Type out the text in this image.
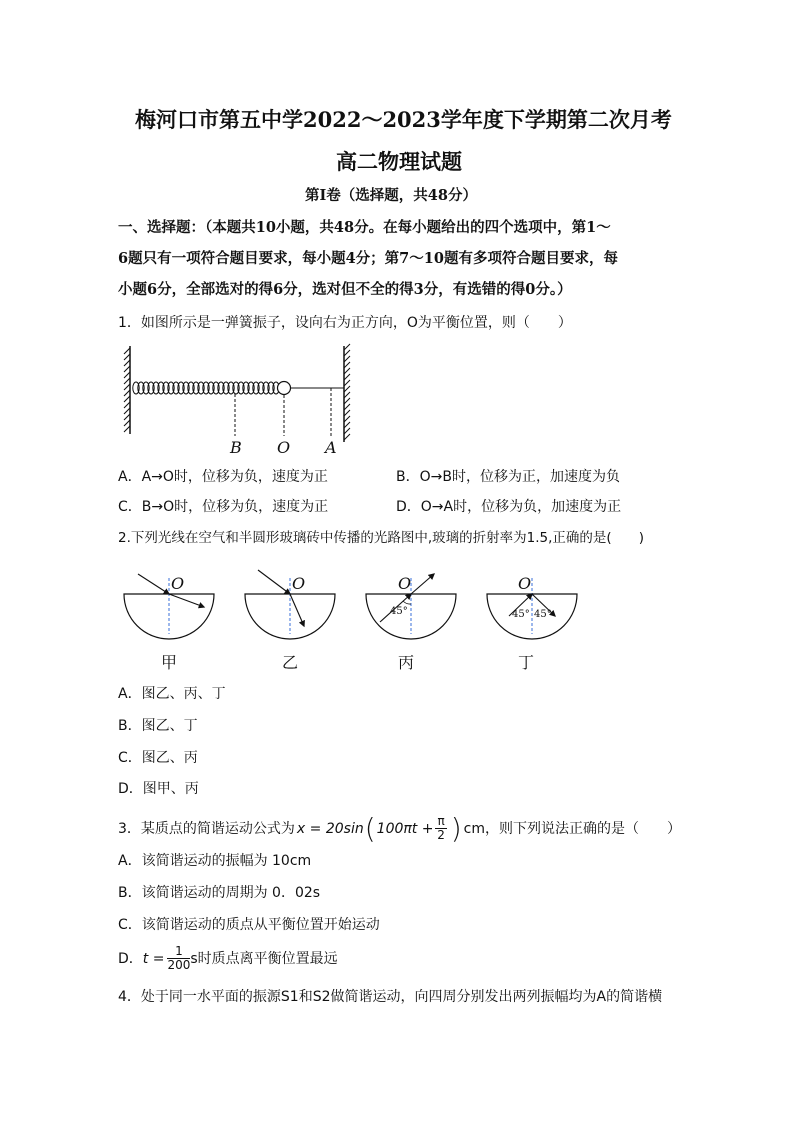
梅河口市第五中学2022～2023学年度下学期第二次月考
高二物理试题
第Ⅰ卷（选择题，共48分）
一、选择题：（本题共10小题，共48分。在每小题给出的四个选项中，第1～
6题只有一项符合题目要求，每小题4分；第7～10题有多项符合题目要求，每
小题6分，全部选对的得6分，选对但不全的得3分，有选错的得0分。）
1．如图所示是一弹簧振子，设向右为正方向，O为平衡位置，则（　　）
B O A
A．A→O时，位移为负，速度为正	B．O→B时，位移为正，加速度为负
C．B→O时，位移为负，速度为正	D．O→A时，位移为负，加速度为正
2.下列光线在空气和半圆形玻璃砖中传播的光路图中,玻璃的折射率为1.5,正确的是(　　)
O	O	O	O
45°	45° 45°
甲	乙	丙	丁
A．图乙、丙、丁
B．图乙、丁
C．图乙、丙
D．图甲、丙
3．某质点的简谐运动公式为 x = 20sin ( $100\pi t + \frac{\pi}{2}$ ) cm ，则下列说法正确的是（　　）
A．该简谐运动的振幅为 10cm
B．该简谐运动的周期为 0．02s
C．该简谐运动的质点从平衡位置开始运动
D． $t = \frac{1}{200}$ s时质点离平衡位置最远
4．处于同一水平面的振源S1和S2做简谐运动，向四周分别发出两列振幅均为A的简谐横
